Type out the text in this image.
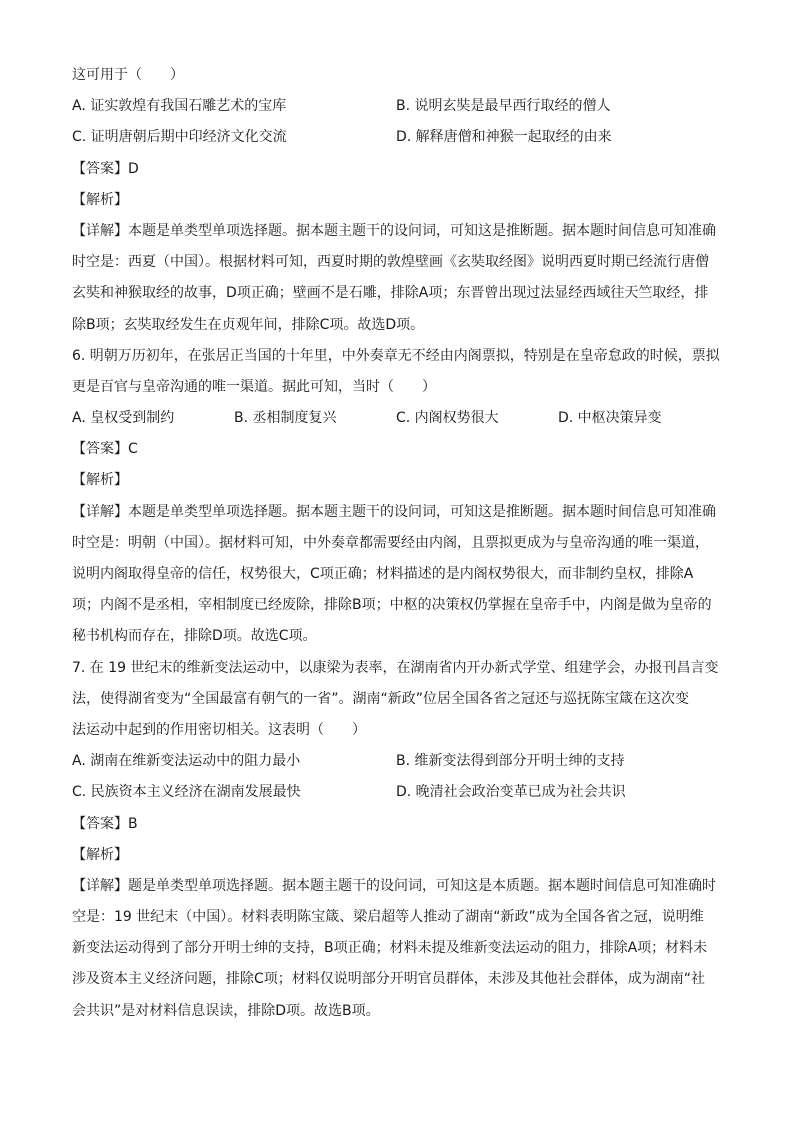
这可用于（　　）
A. 证实敦煌有我国石雕艺术的宝库	B. 说明玄奘是最早西行取经的僧人
C. 证明唐朝后期中印经济文化交流	D. 解释唐僧和神猴一起取经的由来
【答案】D
【解析】
【详解】本题是单类型单项选择题。据本题主题干的设问词，可知这是推断题。据本题时间信息可知准确
时空是：西夏（中国）。根据材料可知，西夏时期的敦煌壁画《玄奘取经图》说明西夏时期已经流行唐僧
玄奘和神猴取经的故事，D项正确；壁画不是石雕，排除A项；东晋曾出现过法显经西域往天竺取经，排
除B项；玄奘取经发生在贞观年间，排除C项。故选D项。
6. 明朝万历初年，在张居正当国的十年里，中外奏章无不经由内阁票拟，特别是在皇帝怠政的时候，票拟
更是百官与皇帝沟通的唯一渠道。据此可知，当时（　　）
A. 皇权受到制约	B. 丞相制度复兴	C. 内阁权势很大	D. 中枢决策异变
【答案】C
【解析】
【详解】本题是单类型单项选择题。据本题主题干的设问词，可知这是推断题。据本题时间信息可知准确
时空是：明朝（中国）。据材料可知，中外奏章都需要经由内阁，且票拟更成为与皇帝沟通的唯一渠道，
说明内阁取得皇帝的信任，权势很大，C项正确；材料描述的是内阁权势很大，而非制约皇权，排除A
项；内阁不是丞相，宰相制度已经废除，排除B项；中枢的决策权仍掌握在皇帝手中，内阁是做为皇帝的
秘书机构而存在，排除D项。故选C项。
7. 在 19 世纪末的维新变法运动中，以康梁为表率，在湖南省内开办新式学堂、组建学会，办报刊昌言变
法，使得湖省变为“全国最富有朝气的一省”。湖南“新政”位居全国各省之冠还与巡抚陈宝箴在这次变
法运动中起到的作用密切相关。这表明（　　）
A. 湖南在维新变法运动中的阻力最小	B. 维新变法得到部分开明士绅的支持
C. 民族资本主义经济在湖南发展最快	D. 晚清社会政治变革已成为社会共识
【答案】B
【解析】
【详解】题是单类型单项选择题。据本题主题干的设问词，可知这是本质题。据本题时间信息可知准确时
空是：19 世纪末（中国）。材料表明陈宝箴、梁启超等人推动了湖南“新政”成为全国各省之冠，说明维
新变法运动得到了部分开明士绅的支持，B项正确；材料未提及维新变法运动的阻力，排除A项；材料未
涉及资本主义经济问题，排除C项；材料仅说明部分开明官员群体，未涉及其他社会群体，成为湖南“社
会共识”是对材料信息误读，排除D项。故选B项。
